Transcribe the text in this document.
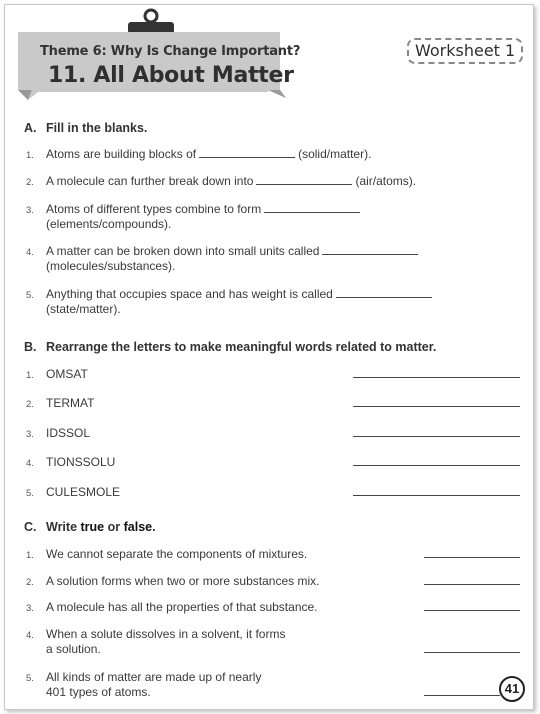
Theme 6: Why Is Change Important?
11. All About Matter
Worksheet 1
A. Fill in the blanks.
1. Atoms are building blocks of	(solid/matter).
2. A molecule can further break down into	(air/atoms).
3. Atoms of different types combine to form
(elements/compounds).
4. A matter can be broken down into small units called
(molecules/substances).
5. Anything that occupies space and has weight is called
(state/matter).
B. Rearrange the letters to make meaningful words related to matter.
1. OMSAT
2. TERMAT
3. IDSSOL
4. TIONSSOLU
5. CULESMOLE
C. Write true or false.
1. We cannot separate the components of mixtures.
2. A solution forms when two or more substances mix.
3. A molecule has all the properties of that substance.
4. When a solute dissolves in a solvent, it forms
a solution.
5. All kinds of matter are made up of nearly
401 types of atoms.	41
